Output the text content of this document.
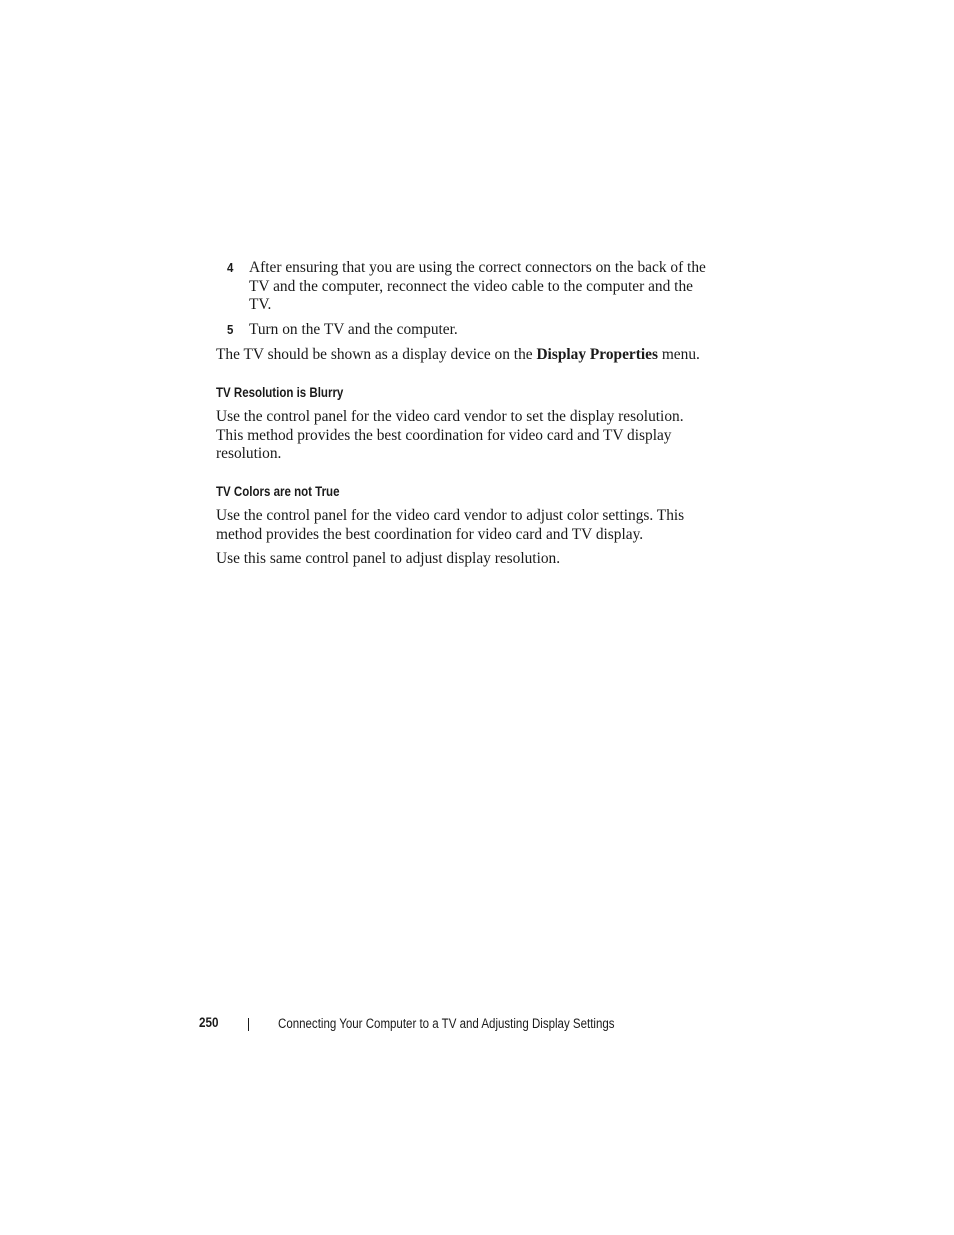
4 After ensuring that you are using the correct connectors on the back of the
TV and the computer, reconnect the video cable to the computer and the
TV.
5 Turn on the TV and the computer.

The TV should be shown as a display device on the Display Properties menu.

TV Resolution is Blurry
Use the control panel for the video card vendor to set the display resolution.
This method provides the best coordination for video card and TV display
resolution.
TV Colors are not True
Use the control panel for the video card vendor to adjust color settings. This
method provides the best coordination for video card and TV display.
Use this same control panel to adjust display resolution.
250	Connecting Your Computer to a TV and Adjusting Display Settings
